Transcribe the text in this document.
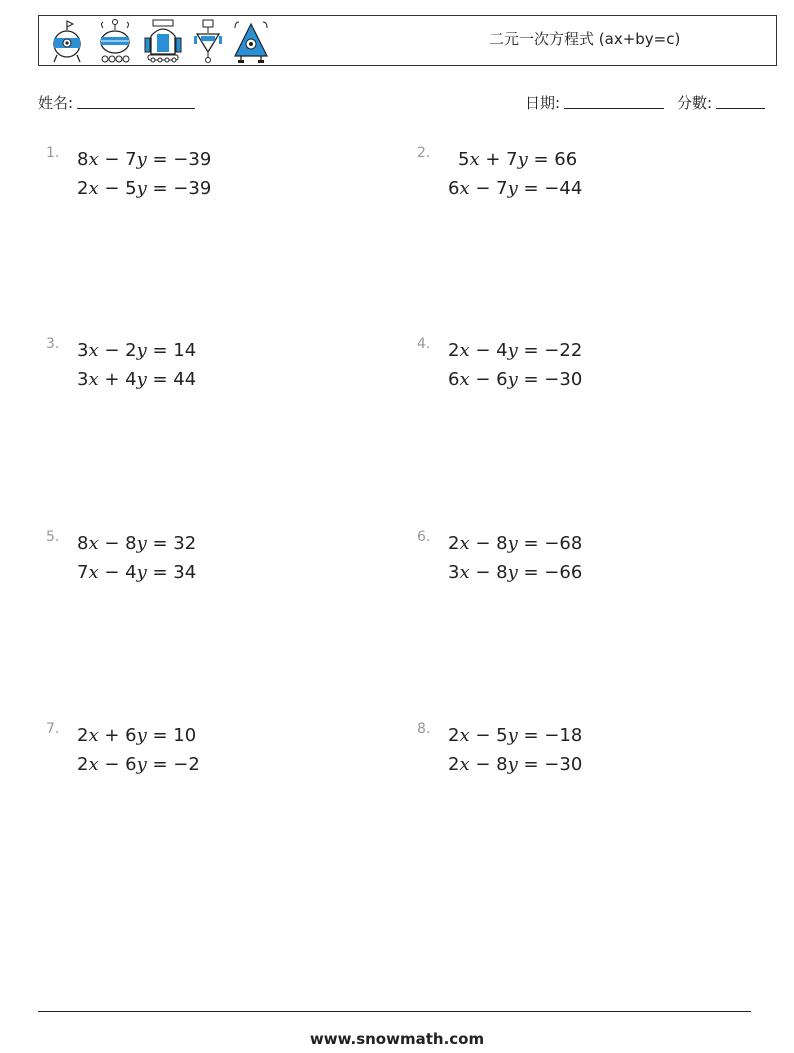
二元一次方程式 (ax+by=c)
姓名:	日期:	分數:
1. 8x − 7y = −39
2x − 5y = −39
2. 5x + 7y = 66
6x − 7y = −44
3. 3x − 2y = 14
3x + 4y = 44
4. 2x − 4y = −22
6x − 6y = −30
5. 8x − 8y = 32
7x − 4y = 34
6. 2x − 8y = −68
3x − 8y = −66
7. 2x + 6y = 10
2x − 6y = −2
8. 2x − 5y = −18
2x − 8y = −30
www.snowmath.com
